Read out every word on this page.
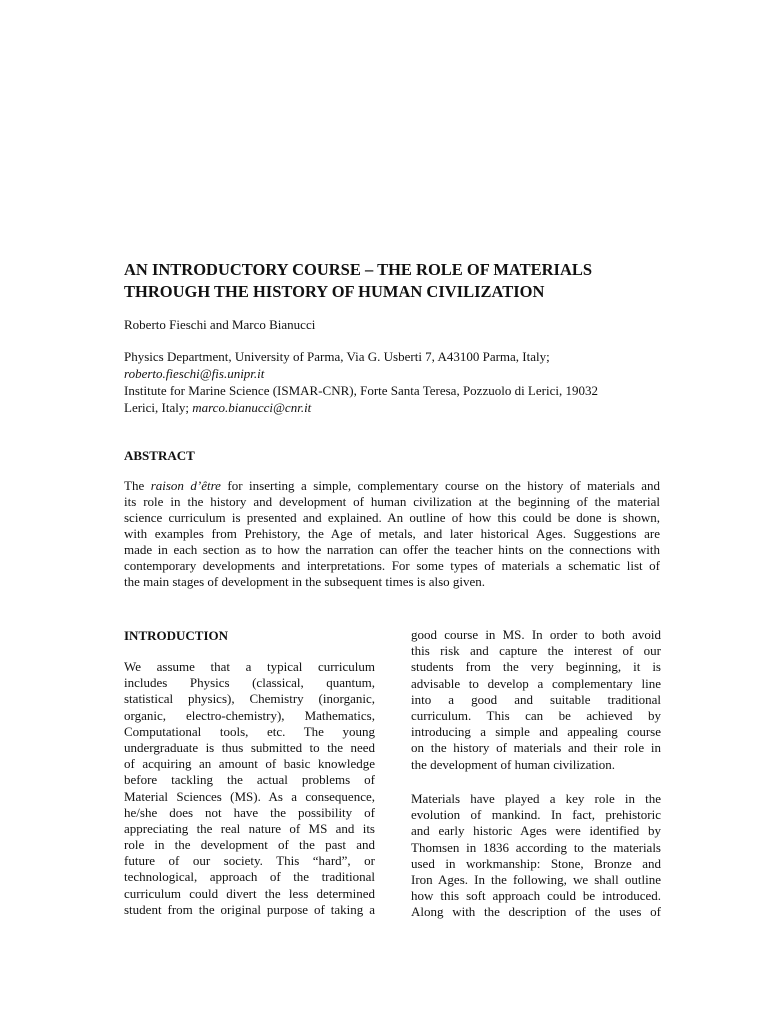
AN INTRODUCTORY COURSE – THE ROLE OF MATERIALS
THROUGH THE HISTORY OF HUMAN CIVILIZATION
Roberto Fieschi and Marco Bianucci
Physics Department, University of Parma, Via G. Usberti 7, A43100 Parma, Italy;
roberto.fieschi@fis.unipr.it
Institute for Marine Science (ISMAR-CNR), Forte Santa Teresa, Pozzuolo di Lerici, 19032
Lerici, Italy; marco.bianucci@cnr.it
ABSTRACT
The raison d’être for inserting a simple, complementary course on the history of materials and
its role in the history and development of human civilization at the beginning of the material
science curriculum is presented and explained. An outline of how this could be done is shown,
with examples from Prehistory, the Age of metals, and later historical Ages. Suggestions are
made in each section as to how the narration can offer the teacher hints on the connections with
contemporary developments and interpretations. For some types of materials a schematic list of
the main stages of development in the subsequent times is also given.
INTRODUCTION
We assume that a typical curriculum
includes Physics (classical, quantum,
statistical physics), Chemistry (inorganic,
organic, electro-chemistry), Mathematics,
Computational tools, etc. The young
undergraduate is thus submitted to the need
of acquiring an amount of basic knowledge
before tackling the actual problems of
Material Sciences (MS). As a consequence,
he/she does not have the possibility of
appreciating the real nature of MS and its
role in the development of the past and
future of our society. This “hard”, or
technological, approach of the traditional
curriculum could divert the less determined
student from the original purpose of taking a
good course in MS. In order to both avoid
this risk and capture the interest of our
students from the very beginning, it is
advisable to develop a complementary line
into a good and suitable traditional
curriculum. This can be achieved by
introducing a simple and appealing course
on the history of materials and their role in
the development of human civilization.
Materials have played a key role in the
evolution of mankind. In fact, prehistoric
and early historic Ages were identified by
Thomsen in 1836 according to the materials
used in workmanship: Stone, Bronze and
Iron Ages. In the following, we shall outline
how this soft approach could be introduced.
Along with the description of the uses of
